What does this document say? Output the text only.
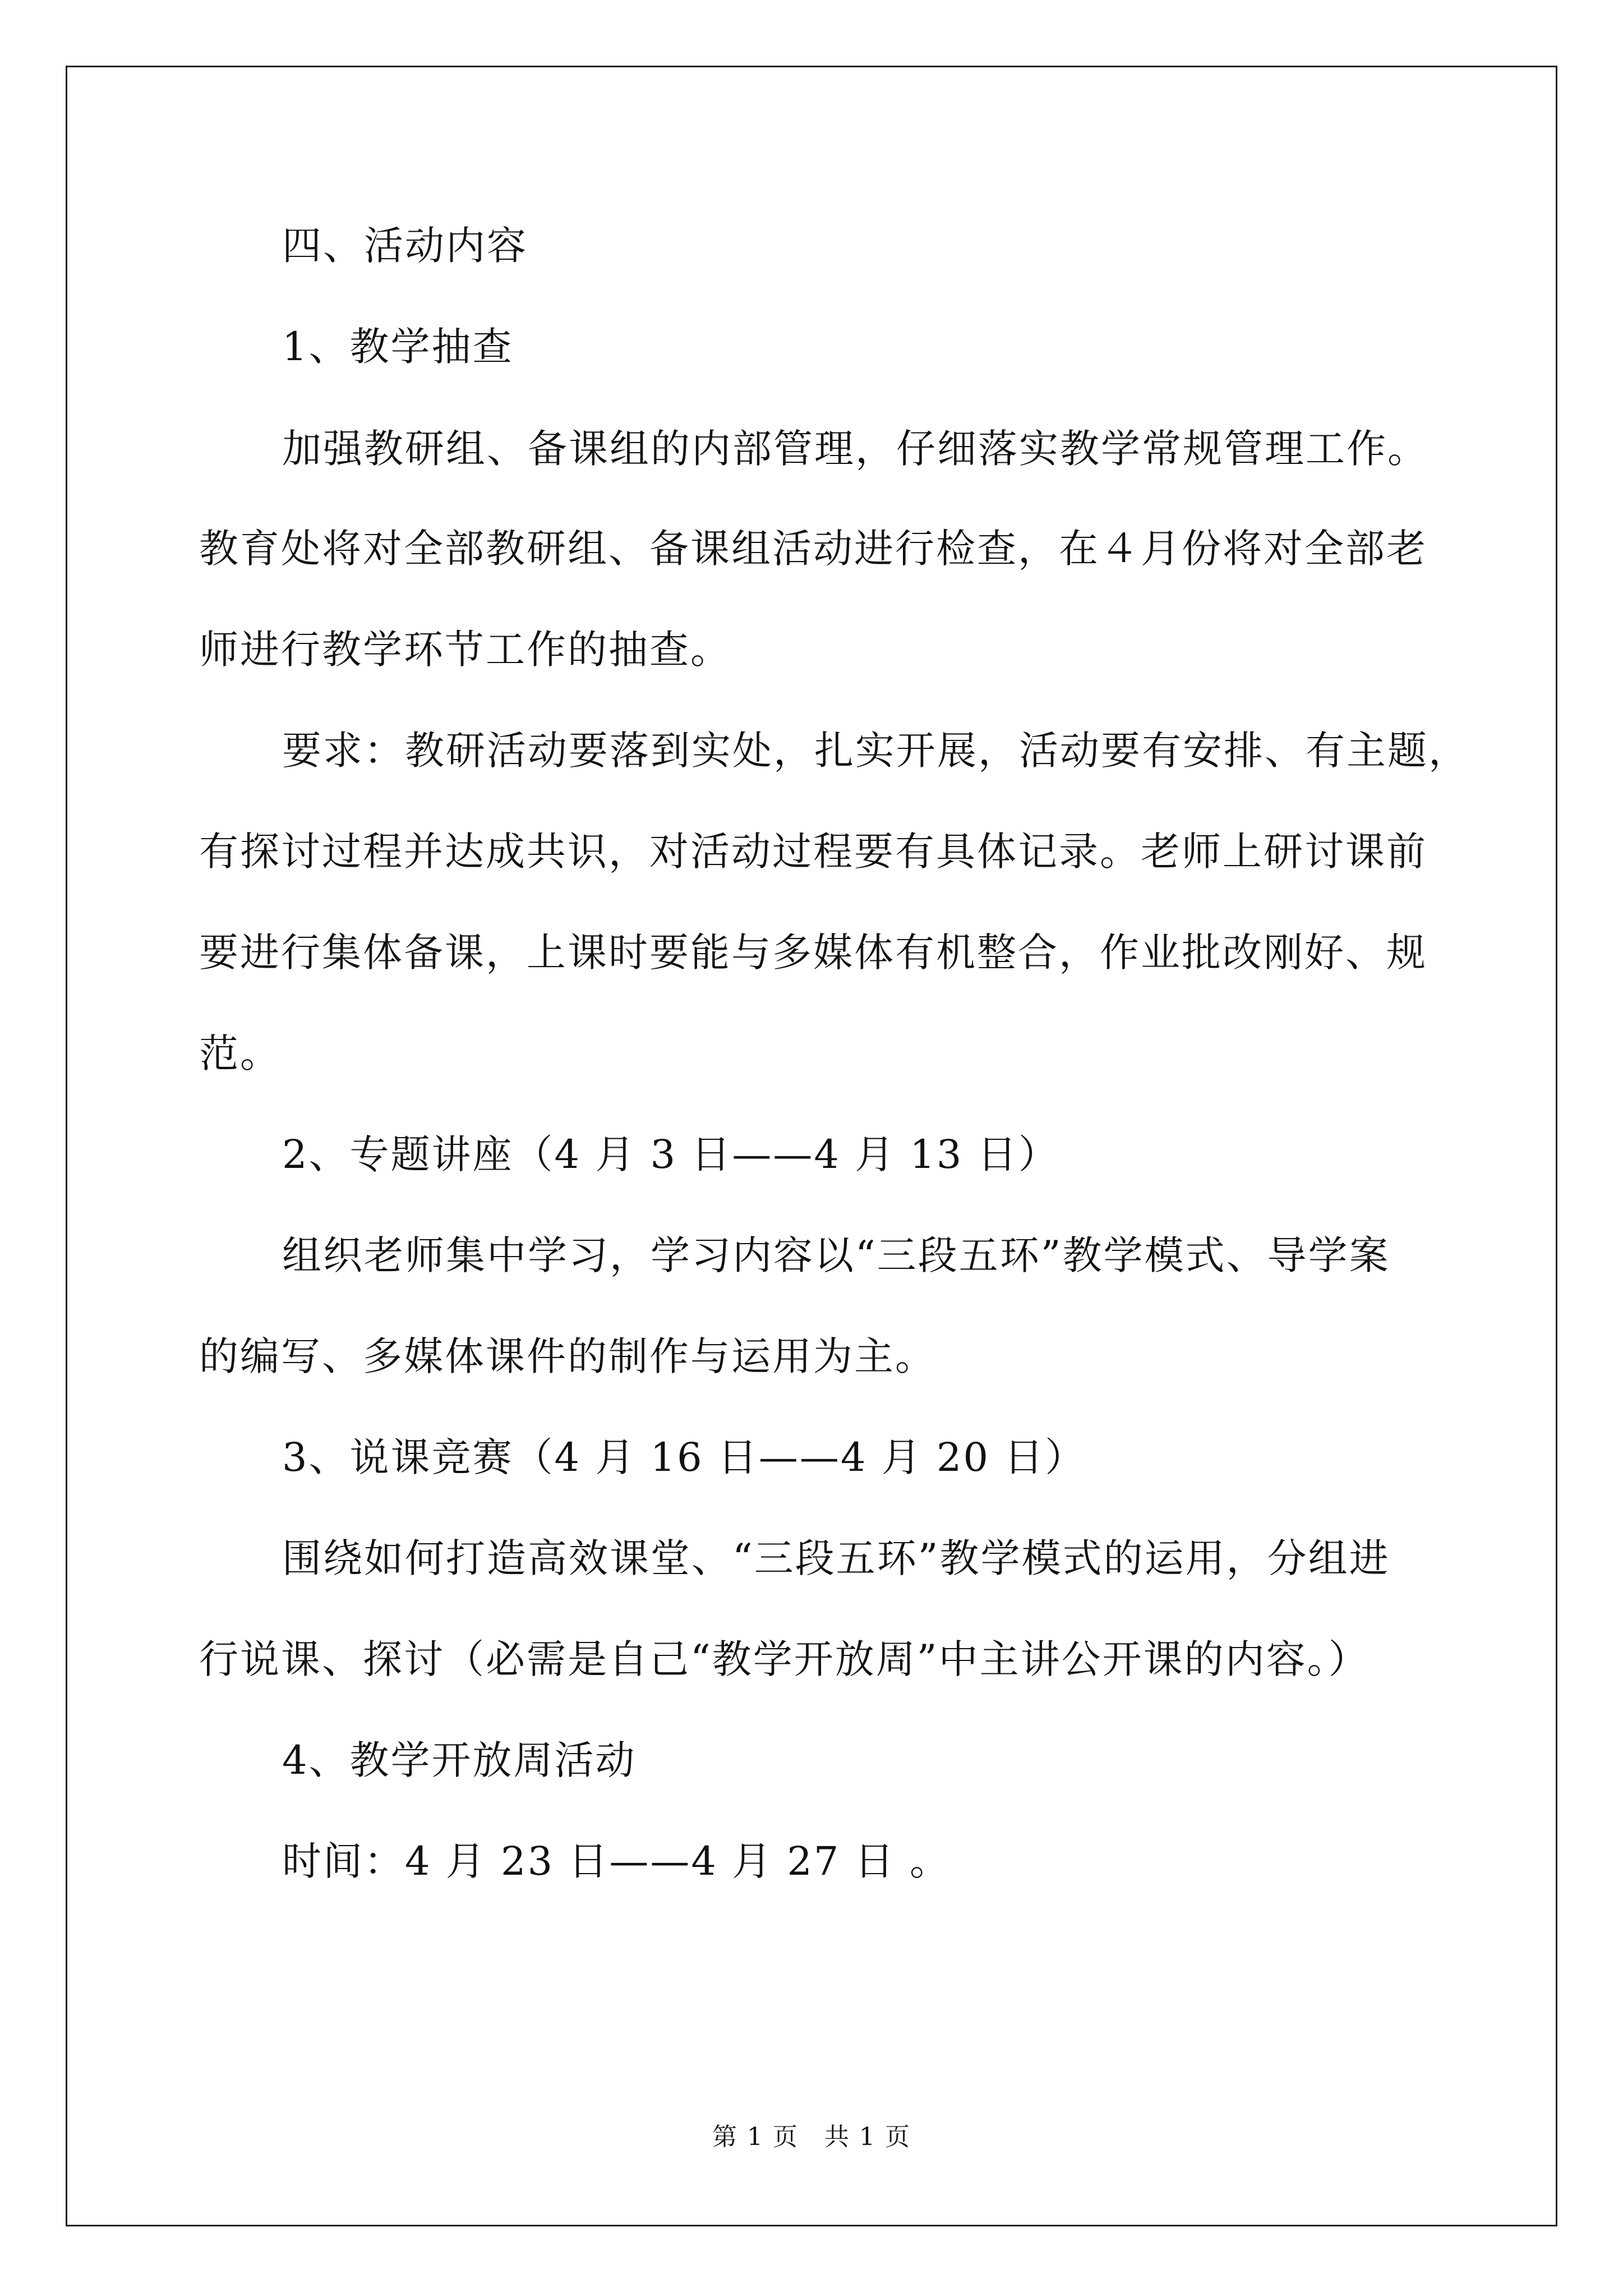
四、活动内容
1、教学抽查
加强教研组、备课组的内部管理，仔细落实教学常规管理工作。
教育处将对全部教研组、备课组活动进行检查，在４月份将对全部老
师进行教学环节工作的抽查。
要求：教研活动要落到实处，扎实开展，活动要有安排、有主题，
有探讨过程并达成共识，对活动过程要有具体记录。老师上研讨课前
要进行集体备课，上课时要能与多媒体有机整合，作业批改刚好、规
范。
2、专题讲座（4 月 3 日——4 月 13 日）
组织老师集中学习，学习内容以“三段五环”教学模式、导学案
的编写、多媒体课件的制作与运用为主。
3、说课竞赛（4 月 16 日——4 月 20 日）
围绕如何打造高效课堂、“三段五环”教学模式的运用，分组进
行说课、探讨（必需是自己“教学开放周”中主讲公开课的内容。）
4、教学开放周活动
时间：4 月 23 日——4 月 27 日 。
第 1 页　共 1 页
